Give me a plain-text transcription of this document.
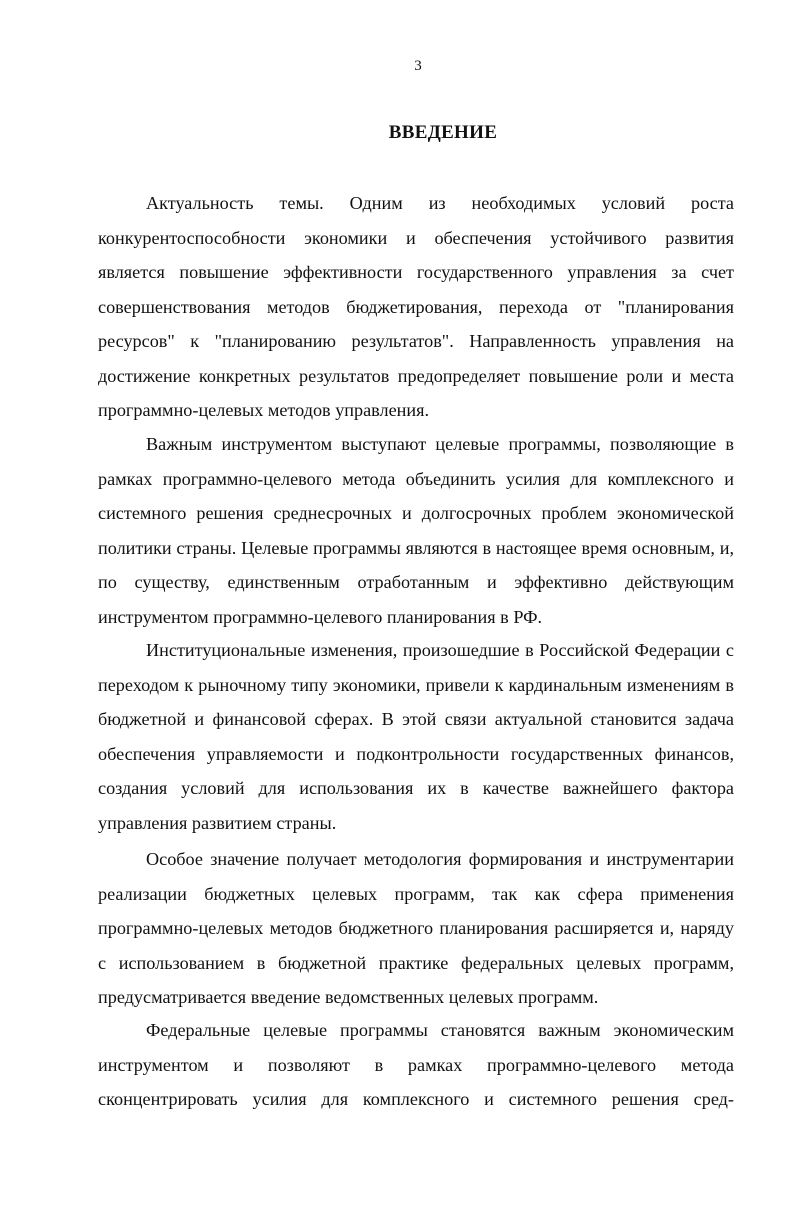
3
ВВЕДЕНИЕ

Актуальность темы. Одним из необходимых условий роста конкурентоспособности экономики и обеспечения устойчивого развития является повышение эффективности государственного управления за счет совершенствования методов бюджетирования, перехода от "планирования ресурсов" к "планированию результатов". Направленность управления на достижение конкретных результатов предопределяет повышение роли и места программно-целевых методов управления.

Важным инструментом выступают целевые программы, позволяющие в рамках программно-целевого метода объединить усилия для комплексного и системного решения среднесрочных и долгосрочных проблем экономической политики страны. Целевые программы являются в настоящее время основным, и, по существу, единственным отработанным и эффективно действующим инструментом программно-целевого планирования в РФ.

Институциональные изменения, произошедшие в Российской Федерации с переходом к рыночному типу экономики, привели к кардинальным изменениям в бюджетной и финансовой сферах. В этой связи актуальной становится задача обеспечения управляемости и подконтрольности государственных финансов, создания условий для использования их в качестве важнейшего фактора управления развитием страны.

Особое значение получает методология формирования и инструментарии реализации бюджетных целевых программ, так как сфера применения программно-целевых методов бюджетного планирования расширяется и, наряду с использованием в бюджетной практике федеральных целевых программ, предусматривается введение ведомственных целевых программ.

Федеральные целевые программы становятся важным экономическим инструментом и позволяют в рамках программно-целевого метода сконцентрировать усилия для комплексного и системного решения сред-
